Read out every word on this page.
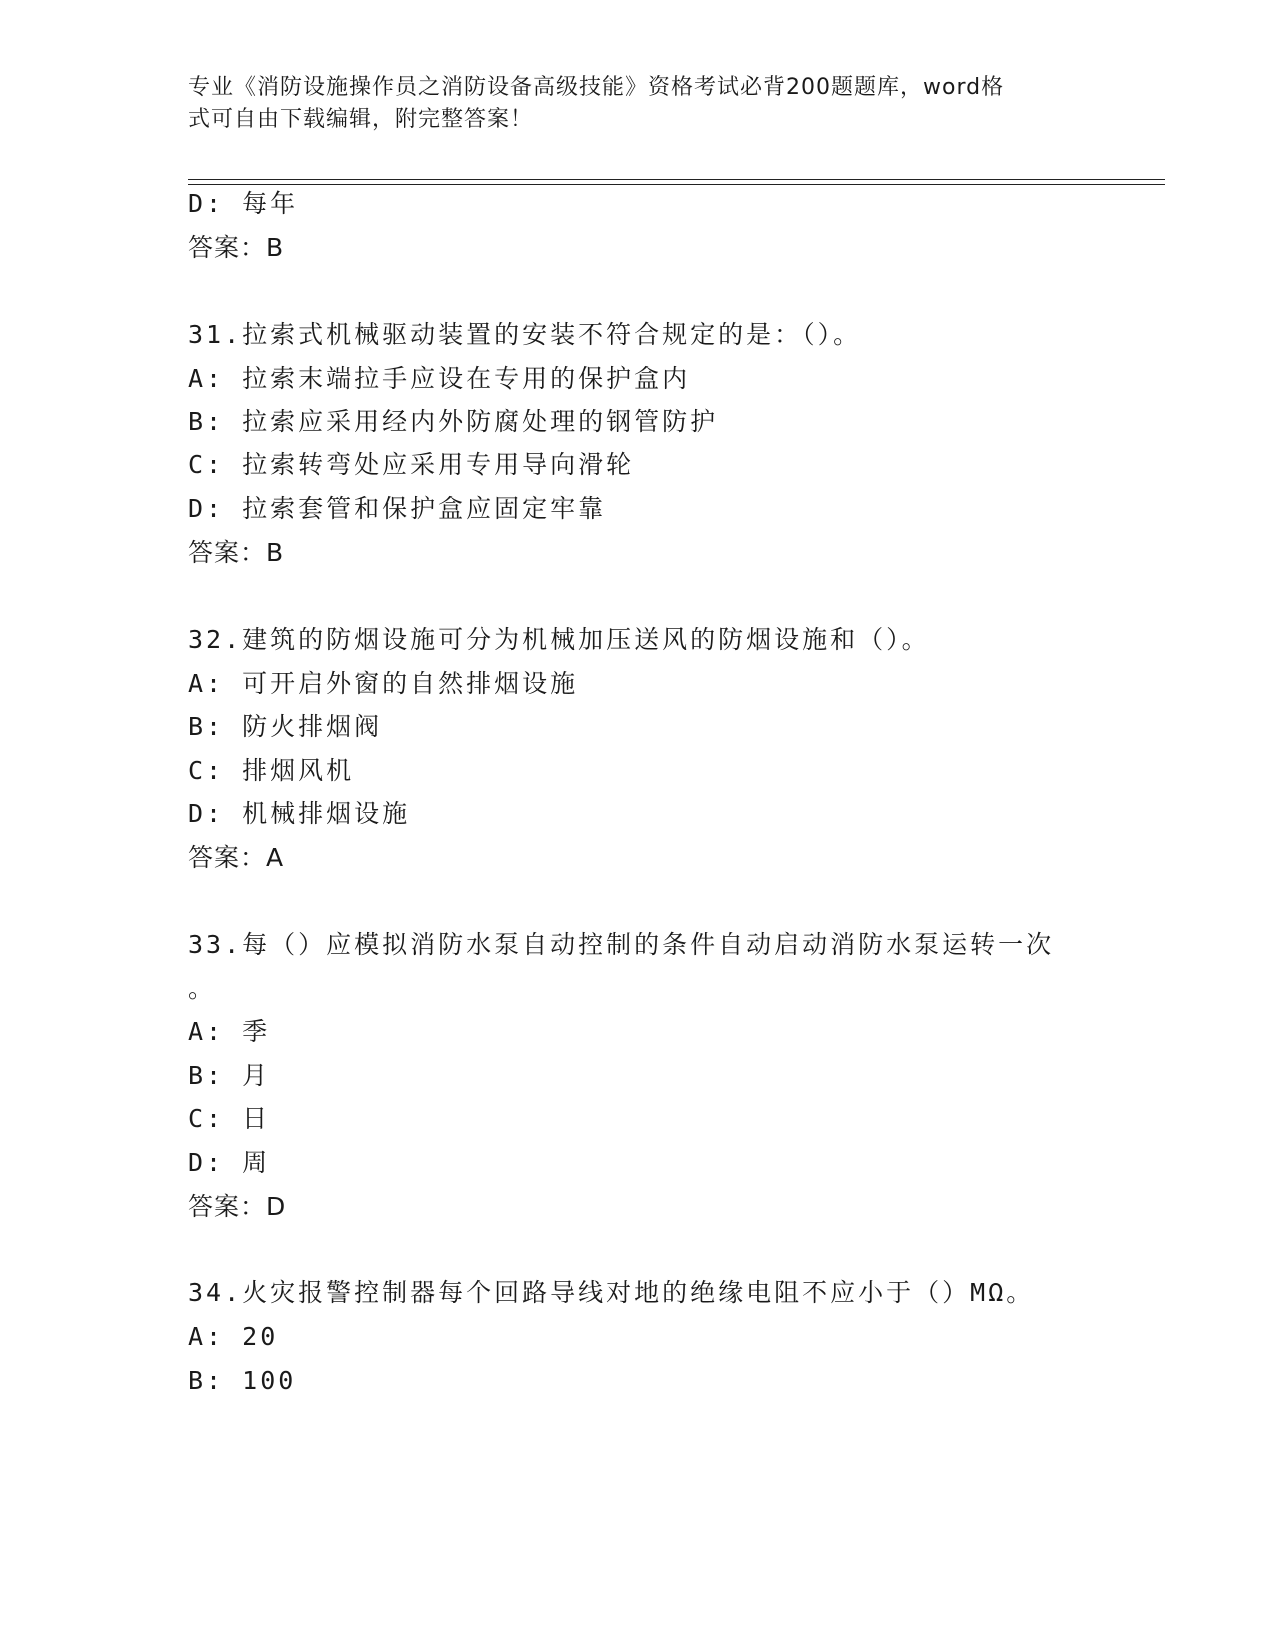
专业《消防设施操作员之消防设备高级技能》资格考试必背200题题库，word格
式可自由下载编辑，附完整答案！
D: 每年
答案：B
31.拉索式机械驱动装置的安装不符合规定的是：（）。
A: 拉索末端拉手应设在专用的保护盒内
B: 拉索应采用经内外防腐处理的钢管防护
C: 拉索转弯处应采用专用导向滑轮
D: 拉索套管和保护盒应固定牢靠
答案：B
32.建筑的防烟设施可分为机械加压送风的防烟设施和（）。
A: 可开启外窗的自然排烟设施
B: 防火排烟阀
C: 排烟风机
D: 机械排烟设施
答案：A
33.每（）应模拟消防水泵自动控制的条件自动启动消防水泵运转一次
。
A: 季
B: 月
C: 日
D: 周
答案：D
34.火灾报警控制器每个回路导线对地的绝缘电阻不应小于（）MΩ。
A: 20
B: 100
